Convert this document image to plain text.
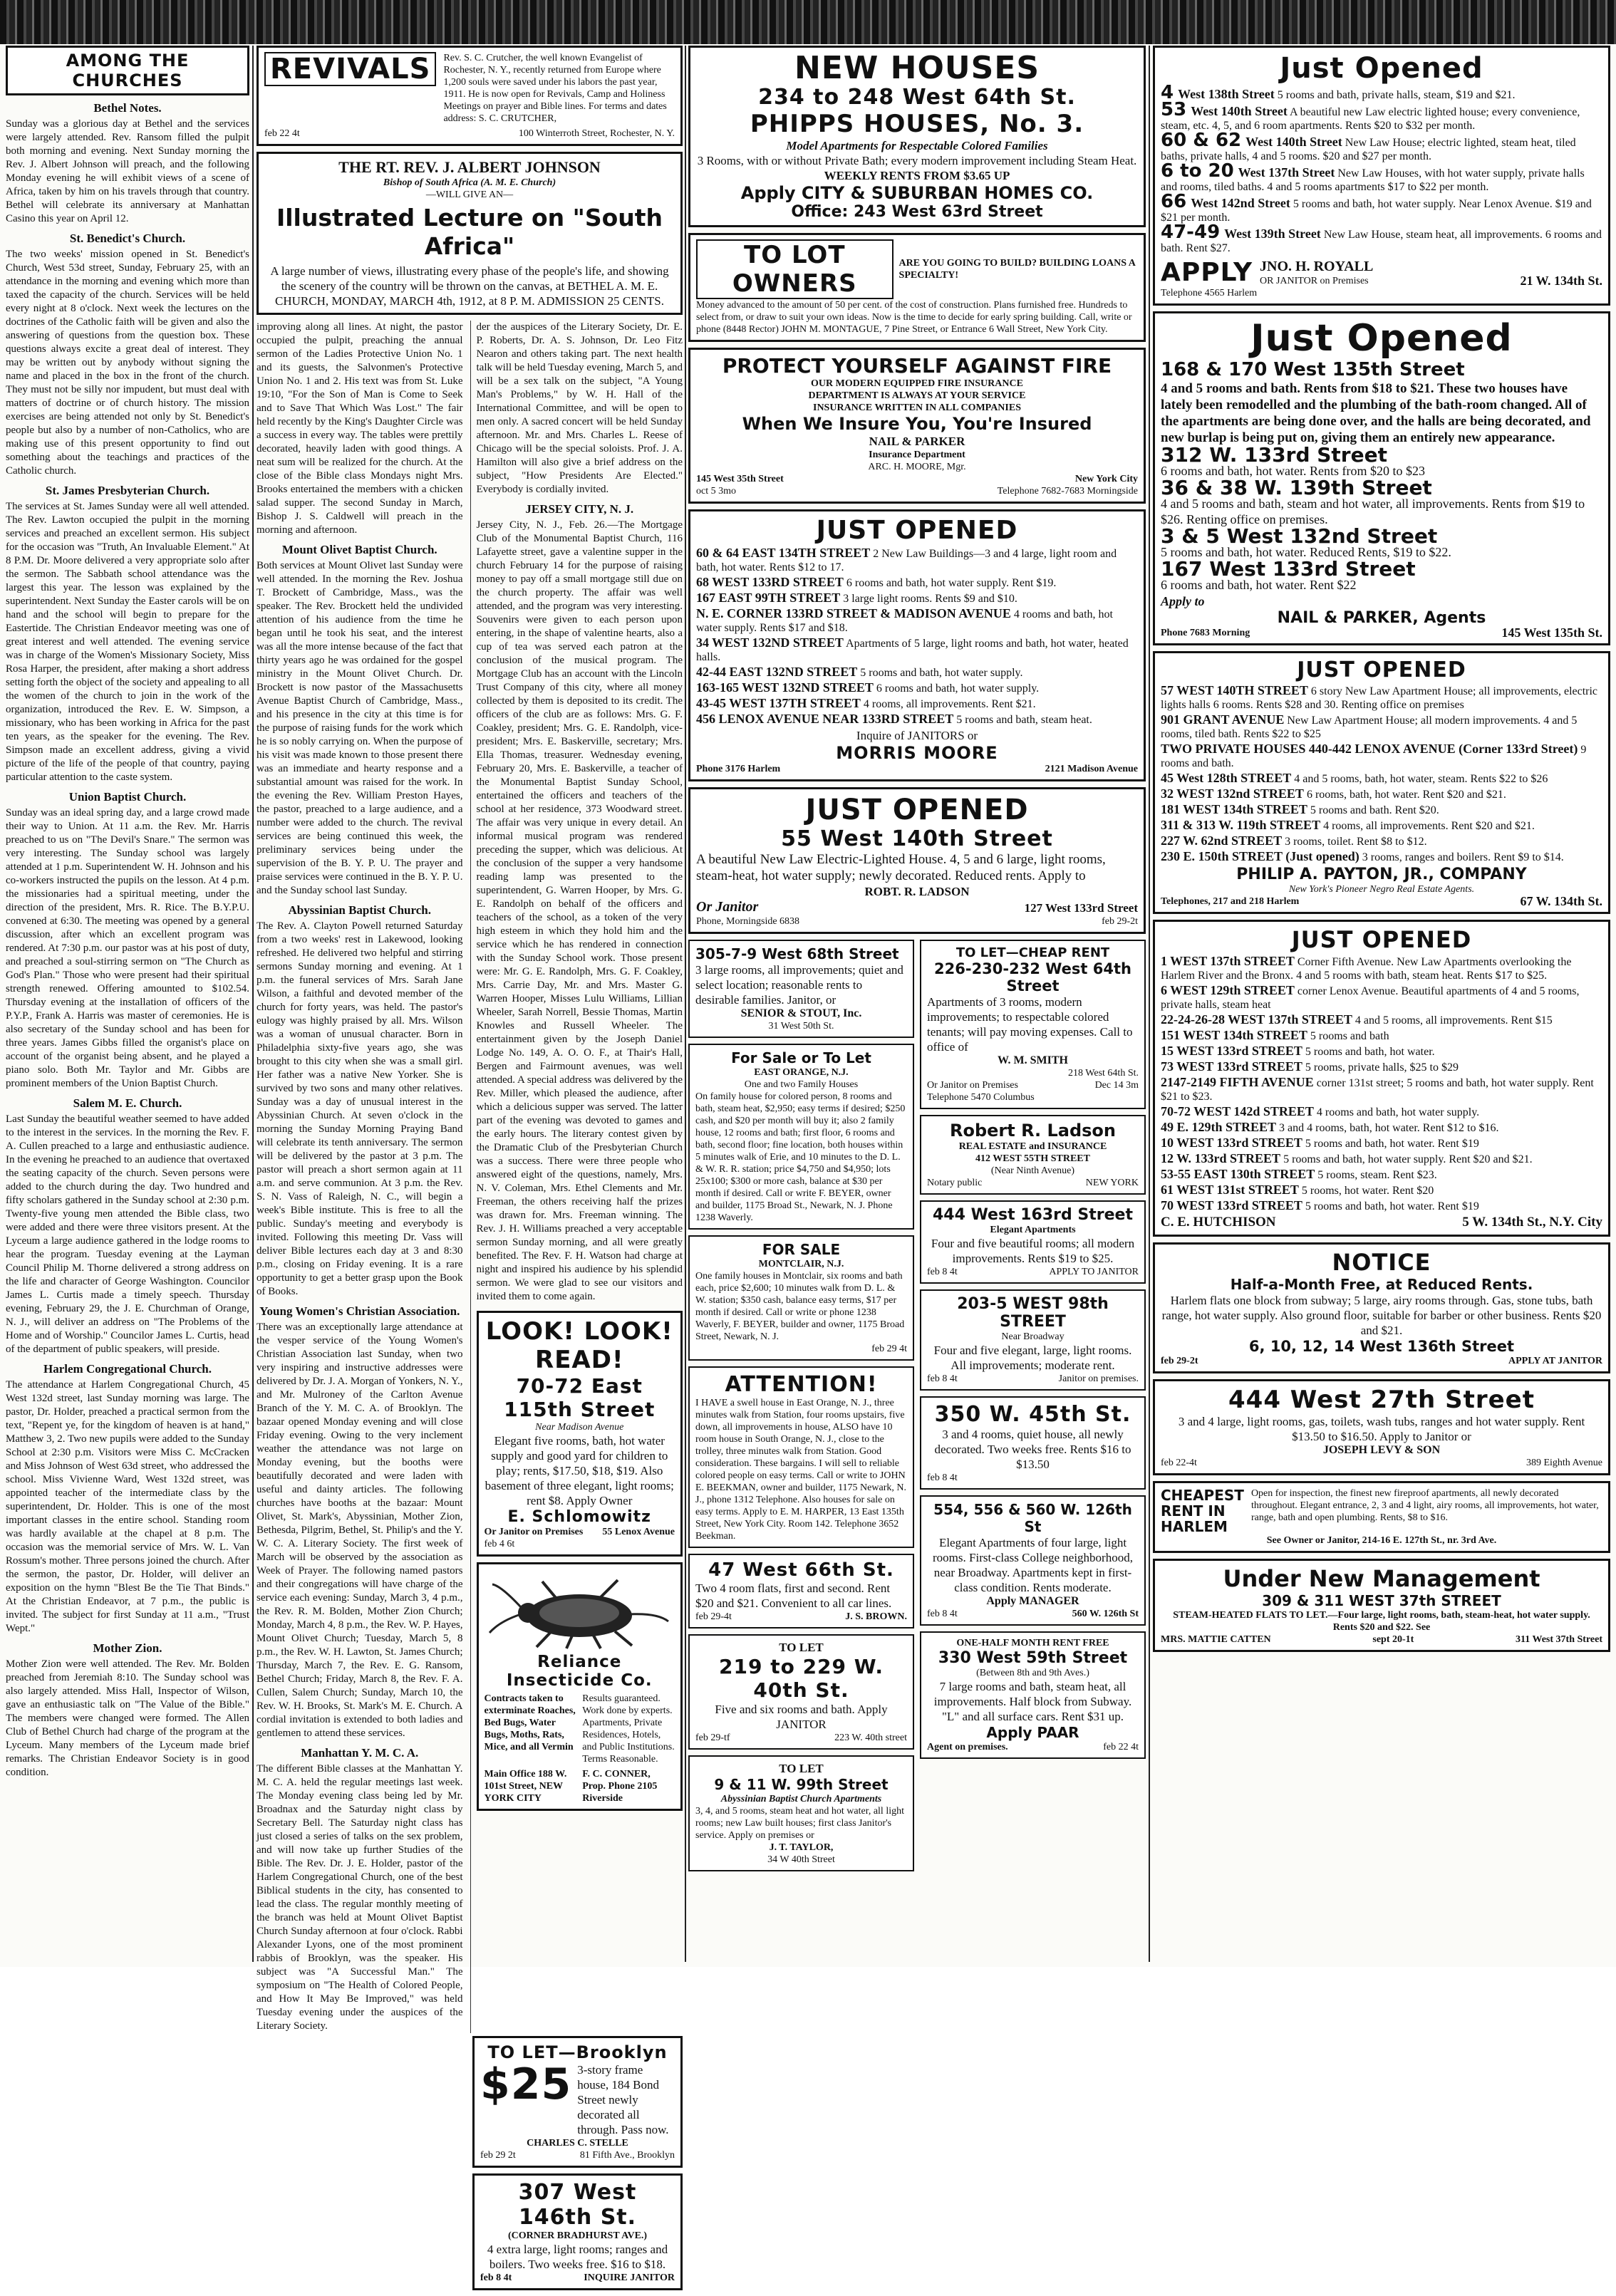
AMONG THE CHURCHES
Bethel Notes.

Sunday was a glorious day at Bethel and the services were largely attended. Rev. Ransom filled the pulpit both morning and evening. Next Sunday morning the Rev. J. Albert Johnson will preach, and the following Monday evening he will exhibit views of a scene of Africa, taken by him on his travels through that country. Bethel will celebrate its anniversary at Manhattan Casino this year on April 12.

St. Benedict's Church.

The two weeks' mission opened in St. Benedict's Church, West 53d street, Sunday, February 25, with an attendance in the morning and evening which more than taxed the capacity of the church. Services will be held every night at 8 o'clock. Next week the lectures on the doctrines of the Catholic faith will be given and also the answering of questions from the question box. These questions always excite a great deal of interest. They may be written out by anybody without signing the name and placed in the box in the front of the church. They must not be silly nor impudent, but must deal with matters of doctrine or of church history. The mission exercises are being attended not only by St. Benedict's people but also by a number of non-Catholics, who are making use of this present opportunity to find out something about the teachings and practices of the Catholic church.

St. James Presbyterian Church.

The services at St. James Sunday were all well attended. The Rev. Lawton occupied the pulpit in the morning services and preached an excellent sermon. His subject for the occasion was "Truth, An Invaluable Element." At 8 P.M. Dr. Moore delivered a very appropriate solo after the sermon. The Sabbath school attendance was the largest this year. The lesson was explained by the superintendent. Next Sunday the Easter carols will be on hand and the school will begin to prepare for the Eastertide. The Christian Endeavor meeting was one of great interest and well attended. The evening service was in charge of the Women's Missionary Society, Miss Rosa Harper, the president, after making a short address setting forth the object of the society and appealing to all the women of the church to join in the work of the organization, introduced the Rev. E. W. Simpson, a missionary, who has been working in Africa for the past ten years, as the speaker for the evening. The Rev. Simpson made an excellent address, giving a vivid picture of the life of the people of that country, paying particular attention to the caste system.

Union Baptist Church.

Sunday was an ideal spring day, and a large crowd made their way to Union. At 11 a.m. the Rev. Mr. Harris preached to us on "The Devil's Snare." The sermon was very interesting. The Sunday school was largely attended at 1 p.m. Superintendent W. H. Johnson and his co-workers instructed the pupils on the lesson. At 4 p.m. the missionaries had a spiritual meeting, under the direction of the president, Mrs. R. Rice. The B.Y.P.U. convened at 6:30. The meeting was opened by a general discussion, after which an excellent program was rendered. At 7:30 p.m. our pastor was at his post of duty, and preached a soul-stirring sermon on "The Church as God's Plan." Those who were present had their spiritual strength renewed. Offering amounted to $102.54. Thursday evening at the installation of officers of the P.Y.P., Frank A. Harris was master of ceremonies. He is also secretary of the Sunday school and has been for three years. James Gibbs filled the organist's place on account of the organist being absent, and he played a piano solo. Both Mr. Taylor and Mr. Gibbs are prominent members of the Union Baptist Church.

Salem M. E. Church.

Last Sunday the beautiful weather seemed to have added to the interest in the services. In the morning the Rev. F. A. Cullen preached to a large and enthusiastic audience. In the evening he preached to an audience that overtaxed the seating capacity of the church. Seven persons were added to the church during the day. Two hundred and fifty scholars gathered in the Sunday school at 2:30 p.m. Twenty-five young men attended the Bible class, two were added and there were three visitors present. At the Lyceum a large audience gathered in the lodge rooms to hear the program. Tuesday evening at the Layman Council Philip M. Thorne delivered a strong address on the life and character of George Washington. Councilor James L. Curtis made a timely speech. Thursday evening, February 29, the J. E. Churchman of Orange, N. J., will deliver an address on "The Problems of the Home and of Worship." Councilor James L. Curtis, head of the department of public speakers, will preside.

Harlem Congregational Church.

The attendance at Harlem Congregational Church, 45 West 132d street, last Sunday morning was large. The pastor, Dr. Holder, preached a practical sermon from the text, "Repent ye, for the kingdom of heaven is at hand," Matthew 3, 2. Two new pupils were added to the Sunday School at 2:30 p.m. Visitors were Miss C. McCracken and Miss Johnson of West 63d street, who addressed the school. Miss Vivienne Ward, West 132d street, was appointed teacher of the intermediate class by the superintendent, Dr. Holder. This is one of the most important classes in the entire school. Standing room was hardly available at the chapel at 8 p.m. The occasion was the memorial service of Mrs. W. L. Van Rossum's mother. Three persons joined the church. After the sermon, the pastor, Dr. Holder, will deliver an exposition on the hymn "Blest Be the Tie That Binds." At the Christian Endeavor, at 7 p.m., the public is invited. The subject for first Sunday at 11 a.m., "Trust Wept."

Mother Zion.

Mother Zion were well attended. The Rev. Mr. Bolden preached from Jeremiah 8:10. The Sunday school was also largely attended. Miss Hall, Inspector of Wilson, gave an enthusiastic talk on "The Value of the Bible." The members were changed were formed. The Allen Club of Bethel Church had charge of the program at the Lyceum. Many members of the Lyceum made brief remarks. The Christian Endeavor Society is in good condition.

REVIVALS	Rev. S. C. Crutcher, the well known Evangelist of Rochester, N. Y., recently returned from Europe where 1,200 souls were saved under his labors the past year, 1911. He is now open for Revivals, Camp and Holiness Meetings on prayer and Bible lines. For terms and dates address: S. C. CRUTCHER,
feb 22 4t	100 Winterroth Street, Rochester, N. Y.
THE RT. REV. J. ALBERT JOHNSON
Bishop of South Africa (A. M. E. Church)
—WILL GIVE AN—
Illustrated Lecture on "South Africa"
A large number of views, illustrating every phase of the people's life, and showing the scenery of the country will be thrown on the canvas, at BETHEL A. M. E. CHURCH, MONDAY, MARCH 4th, 1912, at 8 P. M. ADMISSION 25 CENTS.

improving along all lines. At night, the pastor occupied the pulpit, preaching the annual sermon of the Ladies Protective Union No. 1 and its guests, the Salvonmen's Protective Union No. 1 and 2. His text was from St. Luke 19:10, "For the Son of Man is Come to Seek and to Save That Which Was Lost." The fair held recently by the King's Daughter Circle was a success in every way. The tables were prettily decorated, heavily laden with good things. A neat sum will be realized for the church. At the close of the Bible class Mondays night Mrs. Brooks entertained the members with a chicken salad supper. The second Sunday in March, Bishop J. S. Caldwell will preach in the morning and afternoon.

Mount Olivet Baptist Church.

Both services at Mount Olivet last Sunday were well attended. In the morning the Rev. Joshua T. Brockett of Cambridge, Mass., was the speaker. The Rev. Brockett held the undivided attention of his audience from the time he began until he took his seat, and the interest was all the more intense because of the fact that thirty years ago he was ordained for the gospel ministry in the Mount Olivet Church. Dr. Brockett is now pastor of the Massachusetts Avenue Baptist Church of Cambridge, Mass., and his presence in the city at this time is for the purpose of raising funds for the work which he is so nobly carrying on. When the purpose of his visit was made known to those present there was an immediate and hearty response and a substantial amount was raised for the work. In the evening the Rev. William Preston Hayes, the pastor, preached to a large audience, and a number were added to the church. The revival services are being continued this week, the preliminary services being under the supervision of the B. Y. P. U. The prayer and praise services were continued in the B. Y. P. U. and the Sunday school last Sunday.

Abyssinian Baptist Church.

The Rev. A. Clayton Powell returned Saturday from a two weeks' rest in Lakewood, looking refreshed. He delivered two helpful and stirring sermons Sunday morning and evening. At 1 p.m. the funeral services of Mrs. Sarah Jane Wilson, a faithful and devoted member of the church for forty years, was held. The pastor's eulogy was highly praised by all. Mrs. Wilson was a woman of unusual character. Born in Philadelphia sixty-five years ago, she was brought to this city when she was a small girl. Her father was a native New Yorker. She is survived by two sons and many other relatives. Sunday was a day of unusual interest in the Abyssinian Church. At seven o'clock in the morning the Sunday Morning Praying Band will celebrate its tenth anniversary. The sermon will be delivered by the pastor at 3 p.m. The pastor will preach a short sermon again at 11 a.m. and serve communion. At 3 p.m. the Rev. S. N. Vass of Raleigh, N. C., will begin a week's Bible institute. This is free to all the public. Sunday's meeting and everybody is invited. Following this meeting Dr. Vass will deliver Bible lectures each day at 3 and 8:30 p.m., closing on Friday evening. It is a rare opportunity to get a better grasp upon the Book of Books.

Young Women's Christian Association.

There was an exceptionally large attendance at the vesper service of the Young Women's Christian Association last Sunday, when two very inspiring and instructive addresses were delivered by Dr. J. A. Morgan of Yonkers, N. Y., and Mr. Mulroney of the Carlton Avenue Branch of the Y. M. C. A. of Brooklyn. The bazaar opened Monday evening and will close Friday evening. Owing to the very inclement weather the attendance was not large on Monday evening, but the booths were beautifully decorated and were laden with useful and dainty articles. The following churches have booths at the bazaar: Mount Olivet, St. Mark's, Abyssinian, Mother Zion, Bethesda, Pilgrim, Bethel, St. Philip's and the Y. W. C. A. Literary Society. The first week of March will be observed by the association as Week of Prayer. The following named pastors and their congregations will have charge of the service each evening: Sunday, March 3, 4 p.m., the Rev. R. M. Bolden, Mother Zion Church; Monday, March 4, 8 p.m., the Rev. W. P. Hayes, Mount Olivet Church; Tuesday, March 5, 8 p.m., the Rev. W. H. Lawton, St. James Church; Thursday, March 7, the Rev. E. G. Ransom, Bethel Church; Friday, March 8, the Rev. F. A. Cullen, Salem Church; Sunday, March 10, the Rev. W. H. Brooks, St. Mark's M. E. Church. A cordial invitation is extended to both ladies and gentlemen to attend these services.

Manhattan Y. M. C. A.

The different Bible classes at the Manhattan Y. M. C. A. held the regular meetings last week. The Monday evening class being led by Mr. Broadnax and the Saturday night class by Secretary Bell. The Saturday night class has just closed a series of talks on the sex problem, and will now take up further Studies of the Bible. The Rev. Dr. J. E. Holder, pastor of the Harlem Congregational Church, one of the best Biblical students in the city, has consented to lead the class. The regular monthly meeting of the branch was held at Mount Olivet Baptist Church Sunday afternoon at four o'clock. Rabbi Alexander Lyons, one of the most prominent rabbis of Brooklyn, was the speaker. His subject was "A Successful Man." The symposium on "The Health of Colored People, and How It May Be Improved," was held Tuesday evening under the auspices of the Literary Society.

der the auspices of the Literary Society, Dr. E. P. Roberts, Dr. A. S. Johnson, Dr. Leo Fitz Nearon and others taking part. The next health talk will be held Tuesday evening, March 5, and will be a sex talk on the subject, "A Young Man's Problems," by W. H. Hall of the International Committee, and will be open to men only. A sacred concert will be held Sunday afternoon. Mr. and Mrs. Charles L. Reese of Chicago will be the special soloists. Prof. J. A. Hamilton will also give a brief address on the subject, "How Presidents Are Elected." Everybody is cordially invited.

JERSEY CITY, N. J.

Jersey City, N. J., Feb. 26.—The Mortgage Club of the Monumental Baptist Church, 116 Lafayette street, gave a valentine supper in the church February 14 for the purpose of raising money to pay off a small mortgage still due on the church property. The affair was well attended, and the program was very interesting. Souvenirs were given to each person upon entering, in the shape of valentine hearts, also a cup of tea was served each patron at the conclusion of the musical program. The Mortgage Club has an account with the Lincoln Trust Company of this city, where all money collected by them is deposited to its credit. The officers of the club are as follows: Mrs. G. F. Coakley, president; Mrs. G. E. Randolph, vice-president; Mrs. E. Baskerville, secretary; Mrs. Ella Thomas, treasurer. Wednesday evening, February 20, Mrs. E. Baskerville, a teacher of the Monumental Baptist Sunday School, entertained the officers and teachers of the school at her residence, 373 Woodward street. The affair was very unique in every detail. An informal musical program was rendered preceding the supper, which was delicious. At the conclusion of the supper a very handsome reading lamp was presented to the superintendent, G. Warren Hooper, by Mrs. G. E. Randolph on behalf of the officers and teachers of the school, as a token of the very high esteem in which they hold him and the service which he has rendered in connection with the Sunday School work. Those present were: Mr. G. E. Randolph, Mrs. G. F. Coakley, Mrs. Carrie Day, Mr. and Mrs. Master G. Warren Hooper, Misses Lulu Williams, Lillian Wheeler, Sarah Norrell, Bessie Thomas, Martin Knowles and Russell Wheeler. The entertainment given by the Joseph Daniel Lodge No. 149, A. O. O. F., at Thair's Hall, Bergen and Fairmount avenues, was well attended. A special address was delivered by the Rev. Miller, which pleased the audience, after which a delicious supper was served. The latter part of the evening was devoted to games and the early hours. The literary contest given by the Dramatic Club of the Presbyterian Church was a success. There were three people who answered eight of the questions, namely, Mrs. N. V. Coleman, Mrs. Ethel Clements and Mr. Freeman, the others receiving half the prizes was drawn for. Mrs. Freeman winning. The Rev. J. H. Williams preached a very acceptable sermon Sunday morning, and all were greatly benefited. The Rev. F. H. Watson had charge at night and inspired his audience by his splendid sermon. We were glad to see our visitors and invited them to come again.

LOOK! LOOK! READ!
70-72 East 115th Street
Near Madison Avenue
Elegant five rooms, bath, hot water supply and good yard for children to play; rents, $17.50, $18, $19. Also basement of three elegant, light rooms; rent $8. Apply Owner
E. Schlomowitz
Or Janitor on Premises 55 Lenox Avenue
feb 4 6t
Reliance Insecticide Co.
Contracts taken to exterminate Roaches, Bed Bugs, Water Bugs, Moths, Rats, Mice, and all Vermin
Results guaranteed. Work done by experts. Apartments, Private Residences, Hotels, and Public Institutions. Terms Reasonable.
Main Office 188 W. 101st Street, NEW YORK CITY
F. C. CONNER, Prop. Phone 2105 Riverside
TO LET—Brooklyn
$25 3-story frame house, 184 Bond Street newly decorated all through. Pass now.
CHARLES C. STELLE
feb 29 2t	81 Fifth Ave., Brooklyn
307 West 146th St.
(CORNER BRADHURST AVE.)
4 extra large, light rooms; ranges and boilers. Two weeks free. $16 to $18.
feb 8 4t	INQUIRE JANITOR
NEW HOUSES
234 to 248 West 64th St.
PHIPPS HOUSES, No. 3.
Model Apartments for Respectable Colored Families
3 Rooms, with or without Private Bath; every modern improvement including Steam Heat.
WEEKLY RENTS FROM $3.65 UP
Apply CITY & SUBURBAN HOMES CO.
Office: 243 West 63rd Street
TO LOT OWNERS
ARE YOU GOING TO BUILD? BUILDING LOANS A SPECIALTY!
Money advanced to the amount of 50 per cent. of the cost of construction. Plans furnished free. Hundreds to select from, or draw to suit your own ideas. Now is the time to decide for early spring building. Call, write or phone (8448 Rector) JOHN M. MONTAGUE, 7 Pine Street, or Entrance 6 Wall Street, New York City.
PROTECT YOURSELF AGAINST FIRE
OUR MODERN EQUIPPED FIRE INSURANCE
DEPARTMENT IS ALWAYS AT YOUR SERVICE
INSURANCE WRITTEN IN ALL COMPANIES
When We Insure You, You're Insured
NAIL & PARKER
Insurance Department
ARC. H. MOORE, Mgr.
145 West 35th Street	New York City
oct 5 3mo	Telephone 7682-7683 Morningside
JUST OPENED
60 & 64 EAST 134TH STREET 2 New Law Buildings—3 and 4 large, light room and bath, hot water. Rents $12 to 17.
68 WEST 133RD STREET 6 rooms and bath, hot water supply. Rent $19.
167 EAST 99TH STREET 3 large light rooms. Rents $9 and $10.
N. E. CORNER 133RD STREET & MADISON AVENUE 4 rooms and bath, hot water supply. Rents $17 and $18.
34 WEST 132ND STREET Apartments of 5 large, light rooms and bath, hot water, heated halls.
42-44 EAST 132ND STREET 5 rooms and bath, hot water supply.
163-165 WEST 132ND STREET 6 rooms and bath, hot water supply.
43-45 WEST 137TH STREET 4 rooms, all improvements. Rent $21.
456 LENOX AVENUE NEAR 133RD STREET 5 rooms and bath, steam heat.
Inquire of JANITORS or
MORRIS MOORE
Phone 3176 Harlem	2121 Madison Avenue
JUST OPENED
55 West 140th Street
A beautiful New Law Electric-Lighted House. 4, 5 and 6 large, light rooms, steam-heat, hot water supply; newly decorated. Reduced rents. Apply to
ROBT. R. LADSON
Or Janitor	127 West 133rd Street
Phone, Morningside 6838	feb 29-2t
305-7-9 West 68th Street
3 large rooms, all improvements; quiet and select location; reasonable rents to desirable families. Janitor, or
SENIOR & STOUT, Inc.
31 West 50th St.
For Sale or To Let
EAST ORANGE, N.J.
One and two Family Houses
On family house for colored person, 8 rooms and bath, steam heat, $2,950; easy terms if desired; $250 cash, and $20 per month will buy it; also 2 family house, 12 rooms and bath; first floor, 6 rooms and bath, second floor; fine location, both houses within 5 minutes walk of Erie, and 10 minutes to the D. L. & W. R. R. station; price $4,750 and $4,950; lots 25x100; $300 or more cash, balance at $30 per month if desired. Call or write F. BEYER, owner and builder, 1175 Broad St., Newark, N. J. Phone 1238 Waverly.
FOR SALE
MONTCLAIR, N.J.
One family houses in Montclair, six rooms and bath each, price $2,600; 10 minutes walk from D. L. & W. station; $350 cash, balance easy terms, $17 per month if desired. Call or write or phone 1238 Waverly, F. BEYER, builder and owner, 1175 Broad Street, Newark, N. J.
feb 29 4t
ATTENTION!
I HAVE a swell house in East Orange, N. J., three minutes walk from Station, four rooms upstairs, five down, all improvements in house, ALSO have 10 room house in South Orange, N. J., close to the trolley, three minutes walk from Station. Good consideration. These bargains. I will sell to reliable colored people on easy terms. Call or write to JOHN E. BEEKMAN, owner and builder, 1175 Newark, N. J., phone 1312 Telephone. Also houses for sale on easy terms. Apply to E. M. HARPER, 13 East 135th Street, New York City. Room 142. Telephone 3652 Beekman.
47 West 66th St.
Two 4 room flats, first and second. Rent $20 and $21. Convenient to all car lines.
feb 29-4t	J. S. BROWN.
TO LET
219 to 229 W. 40th St.
Five and six rooms and bath. Apply JANITOR
feb 29-tf	223 W. 40th street
TO LET
9 & 11 W. 99th Street
Abyssinian Baptist Church Apartments
3, 4, and 5 rooms, steam heat and hot water, all light rooms; new Law built houses; first class Janitor's service. Apply on premises or
J. T. TAYLOR,
34 W 40th Street
TO LET—CHEAP RENT
226-230-232 West 64th Street
Apartments of 3 rooms, modern improvements; to respectable colored tenants; will pay moving expenses. Call to office of
W. M. SMITH
218 West 64th St.
Or Janitor on Premises	Dec 14 3m
Telephone 5470 Columbus
Robert R. Ladson
REAL ESTATE and INSURANCE
412 WEST 55TH STREET
(Near Ninth Avenue)
Notary public	NEW YORK
444 West 163rd Street
Elegant Apartments
Four and five beautiful rooms; all modern improvements. Rents $19 to $25.
feb 8 4t	APPLY TO JANITOR
203-5 WEST 98th STREET
Near Broadway
Four and five elegant, large, light rooms. All improvements; moderate rent.
feb 8 4t	Janitor on premises.
350 W. 45th St.
3 and 4 rooms, quiet house, all newly decorated. Two weeks free. Rents $16 to $13.50
feb 8 4t
554, 556 & 560 W. 126th St
Elegant Apartments of four large, light rooms. First-class College neighborhood, near Broadway. Apartments kept in first-class condition. Rents moderate.
Apply MANAGER
feb 8 4t	560 W. 126th St
ONE-HALF MONTH RENT FREE
330 West 59th Street
(Between 8th and 9th Aves.)
7 large rooms and bath, steam heat, all improvements. Half block from Subway. "L" and all surface cars. Rent $31 up.
Apply PAAR
Agent on premises.	feb 22 4t
Just Opened
4 West 138th Street 5 rooms and bath, private halls, steam, $19 and $21.
53 West 140th Street A beautiful new Law electric lighted house; every convenience, steam, etc. 4, 5, and 6 room apartments. Rents $20 to $32 per month.
60 & 62 West 140th Street New Law House; electric lighted, steam heat, tiled baths, private halls, 4 and 5 rooms. $20 and $27 per month.
6 to 20 West 137th Street New Law Houses, with hot water supply, private halls and rooms, tiled baths. 4 and 5 rooms apartments $17 to $22 per month.
66 West 142nd Street 5 rooms and bath, hot water supply. Near Lenox Avenue. $19 and $21 per month.
47-49 West 139th Street New Law House, steam heat, all improvements. 6 rooms and bath. Rent $27.
APPLY JNO. H. ROYALL
OR JANITOR on Premises	21 W. 134th St.
Telephone 4565 Harlem
Just Opened
168 & 170 West 135th Street
4 and 5 rooms and bath. Rents from $18 to $21. These two houses have lately been remodelled and the plumbing of the bath-room changed. All of the apartments are being done over, and the halls are being decorated, and new burlap is being put on, giving them an entirely new appearance.
312 W. 133rd Street
6 rooms and bath, hot water. Rents from $20 to $23
36 & 38 W. 139th Street
4 and 5 rooms and bath, steam and hot water, all improvements. Rents from $19 to $26. Renting office on premises.
3 & 5 West 132nd Street
5 rooms and bath, hot water. Reduced Rents, $19 to $22.
167 West 133rd Street
6 rooms and bath, hot water. Rent $22
Apply to
NAIL & PARKER, Agents
Phone 7683 Morning	145 West 135th St.
JUST OPENED
57 WEST 140TH STREET 6 story New Law Apartment House; all improvements, electric lights halls 6 rooms. Rents $28 and 30. Renting office on premises
901 GRANT AVENUE New Law Apartment House; all modern improvements. 4 and 5 rooms, tiled bath. Rents $22 to $25
TWO PRIVATE HOUSES 440-442 LENOX AVENUE (Corner 133rd Street) 9 rooms and bath.
45 West 128th STREET 4 and 5 rooms, bath, hot water, steam. Rents $22 to $26
32 WEST 132nd STREET 6 rooms, bath, hot water. Rent $20 and $21.
181 WEST 134th STREET 5 rooms and bath. Rent $20.
311 & 313 W. 119th STREET 4 rooms, all improvements. Rent $20 and $21.
227 W. 62nd STREET 3 rooms, toilet. Rent $8 to $12.
230 E. 150th STREET (Just opened) 3 rooms, ranges and boilers. Rent $9 to $14.
PHILIP A. PAYTON, JR., COMPANY
New York's Pioneer Negro Real Estate Agents.
Telephones, 217 and 218 Harlem	67 W. 134th St.
JUST OPENED
1 WEST 137th STREET Corner Fifth Avenue. New Law Apartments overlooking the Harlem River and the Bronx. 4 and 5 rooms with bath, steam heat. Rents $17 to $25.
6 WEST 129th STREET corner Lenox Avenue. Beautiful apartments of 4 and 5 rooms, private halls, steam heat
22-24-26-28 WEST 137th STREET 4 and 5 rooms, all improvements. Rent $15
151 WEST 134th STREET 5 rooms and bath
15 WEST 133rd STREET 5 rooms and bath, hot water.
73 WEST 133rd STREET 5 rooms, private halls, $25 to $29
2147-2149 FIFTH AVENUE corner 131st street; 5 rooms and bath, hot water supply. Rent $21 to $23.
70-72 WEST 142d STREET 4 rooms and bath, hot water supply.
49 E. 129th STREET 3 and 4 rooms, bath, hot water. Rent $12 to $16.
10 WEST 133rd STREET 5 rooms and bath, hot water. Rent $19
12 W. 133rd STREET 5 rooms and bath, hot water supply. Rent $20 and $21.
53-55 EAST 130th STREET 5 rooms, steam. Rent $23.
61 WEST 131st STREET 5 rooms, hot water. Rent $20
70 WEST 133rd STREET 5 rooms and bath, hot water. Rent $19
C. E. HUTCHISON	5 W. 134th St., N.Y. City
NOTICE
Half-a-Month Free, at Reduced Rents.
Harlem flats one block from subway; 5 large, airy rooms through. Gas, stone tubs, bath range, hot water supply. Also ground floor, suitable for barber or other business. Rents $20 and $21.
6, 10, 12, 14 West 136th Street
feb 29-2t	APPLY AT JANITOR
444 West 27th Street
3 and 4 large, light rooms, gas, toilets, wash tubs, ranges and hot water supply. Rent $13.50 to $16.50. Apply to Janitor or
JOSEPH LEVY & SON
feb 22-4t	389 Eighth Avenue
CHEAPEST
RENT IN
HARLEM
Open for inspection, the finest new fireproof apartments, all newly decorated throughout. Elegant entrance, 2, 3 and 4 light, airy rooms, all improvements, hot water, range, bath and open plumbing. Rents, $8 to $16.
See Owner or Janitor, 214-16 E. 127th St., nr. 3rd Ave.
Under New Management
309 & 311 WEST 37th STREET
STEAM-HEATED FLATS TO LET.—Four large, light rooms, bath, steam-heat, hot water supply. Rents $20 and $22. See
MRS. MATTIE CATTEN	sept 20-1t	311 West 37th Street
